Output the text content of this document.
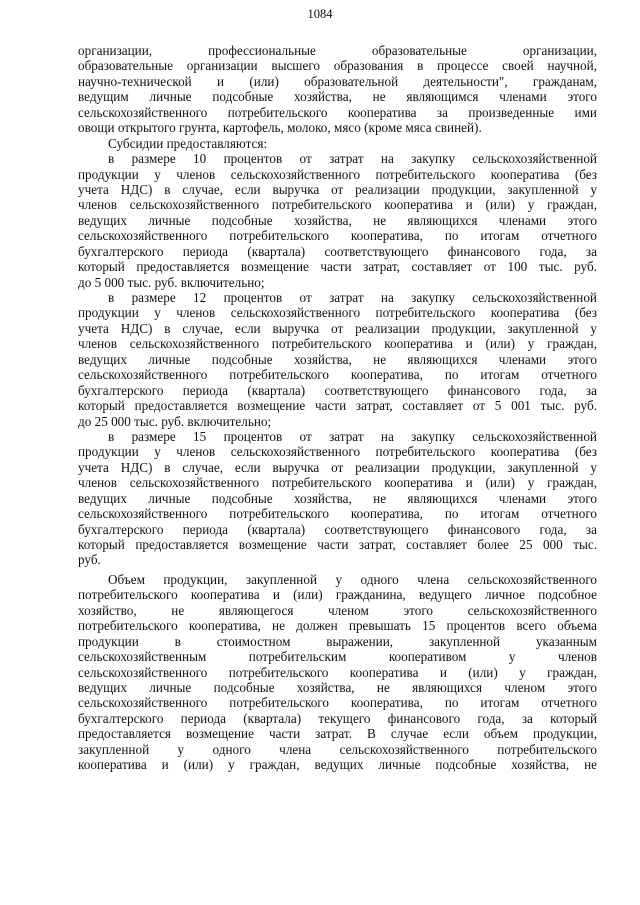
1084
организации, профессиональные образовательные организации,
образовательные организации высшего образования в процессе своей научной,
научно-технической и (или) образовательной деятельности", гражданам,
ведущим личные подсобные хозяйства, не являющимся членами этого
сельскохозяйственного потребительского кооператива за произведенные ими
овощи открытого грунта, картофель, молоко, мясо (кроме мяса свиней).
Субсидии предоставляются:
в размере 10 процентов от затрат на закупку сельскохозяйственной
продукции у членов сельскохозяйственного потребительского кооператива (без
учета НДС) в случае, если выручка от реализации продукции, закупленной у
членов сельскохозяйственного потребительского кооператива и (или) у граждан,
ведущих личные подсобные хозяйства, не являющихся членами этого
сельскохозяйственного потребительского кооператива, по итогам отчетного
бухгалтерского периода (квартала) соответствующего финансового года, за
который предоставляется возмещение части затрат, составляет от 100 тыс. руб.
до 5 000 тыс. руб. включительно;
в размере 12 процентов от затрат на закупку сельскохозяйственной
продукции у членов сельскохозяйственного потребительского кооператива (без
учета НДС) в случае, если выручка от реализации продукции, закупленной у
членов сельскохозяйственного потребительского кооператива и (или) у граждан,
ведущих личные подсобные хозяйства, не являющихся членами этого
сельскохозяйственного потребительского кооператива, по итогам отчетного
бухгалтерского периода (квартала) соответствующего финансового года, за
который предоставляется возмещение части затрат, составляет от 5 001 тыс. руб.
до 25 000 тыс. руб. включительно;
в размере 15 процентов от затрат на закупку сельскохозяйственной
продукции у членов сельскохозяйственного потребительского кооператива (без
учета НДС) в случае, если выручка от реализации продукции, закупленной у
членов сельскохозяйственного потребительского кооператива и (или) у граждан,
ведущих личные подсобные хозяйства, не являющихся членами этого
сельскохозяйственного потребительского кооператива, по итогам отчетного
бухгалтерского периода (квартала) соответствующего финансового года, за
который предоставляется возмещение части затрат, составляет более 25 000 тыс.
руб.
Объем продукции, закупленной у одного члена сельскохозяйственного
потребительского кооператива и (или) гражданина, ведущего личное подсобное
хозяйство, не являющегося членом этого сельскохозяйственного
потребительского кооператива, не должен превышать 15 процентов всего объема
продукции в стоимостном выражении, закупленной указанным
сельскохозяйственным потребительским кооперативом у членов
сельскохозяйственного потребительского кооператива и (или) у граждан,
ведущих личные подсобные хозяйства, не являющихся членом этого
сельскохозяйственного потребительского кооператива, по итогам отчетного
бухгалтерского периода (квартала) текущего финансового года, за который
предоставляется возмещение части затрат. В случае если объем продукции,
закупленной у одного члена сельскохозяйственного потребительского
кооператива и (или) у граждан, ведущих личные подсобные хозяйства, не
